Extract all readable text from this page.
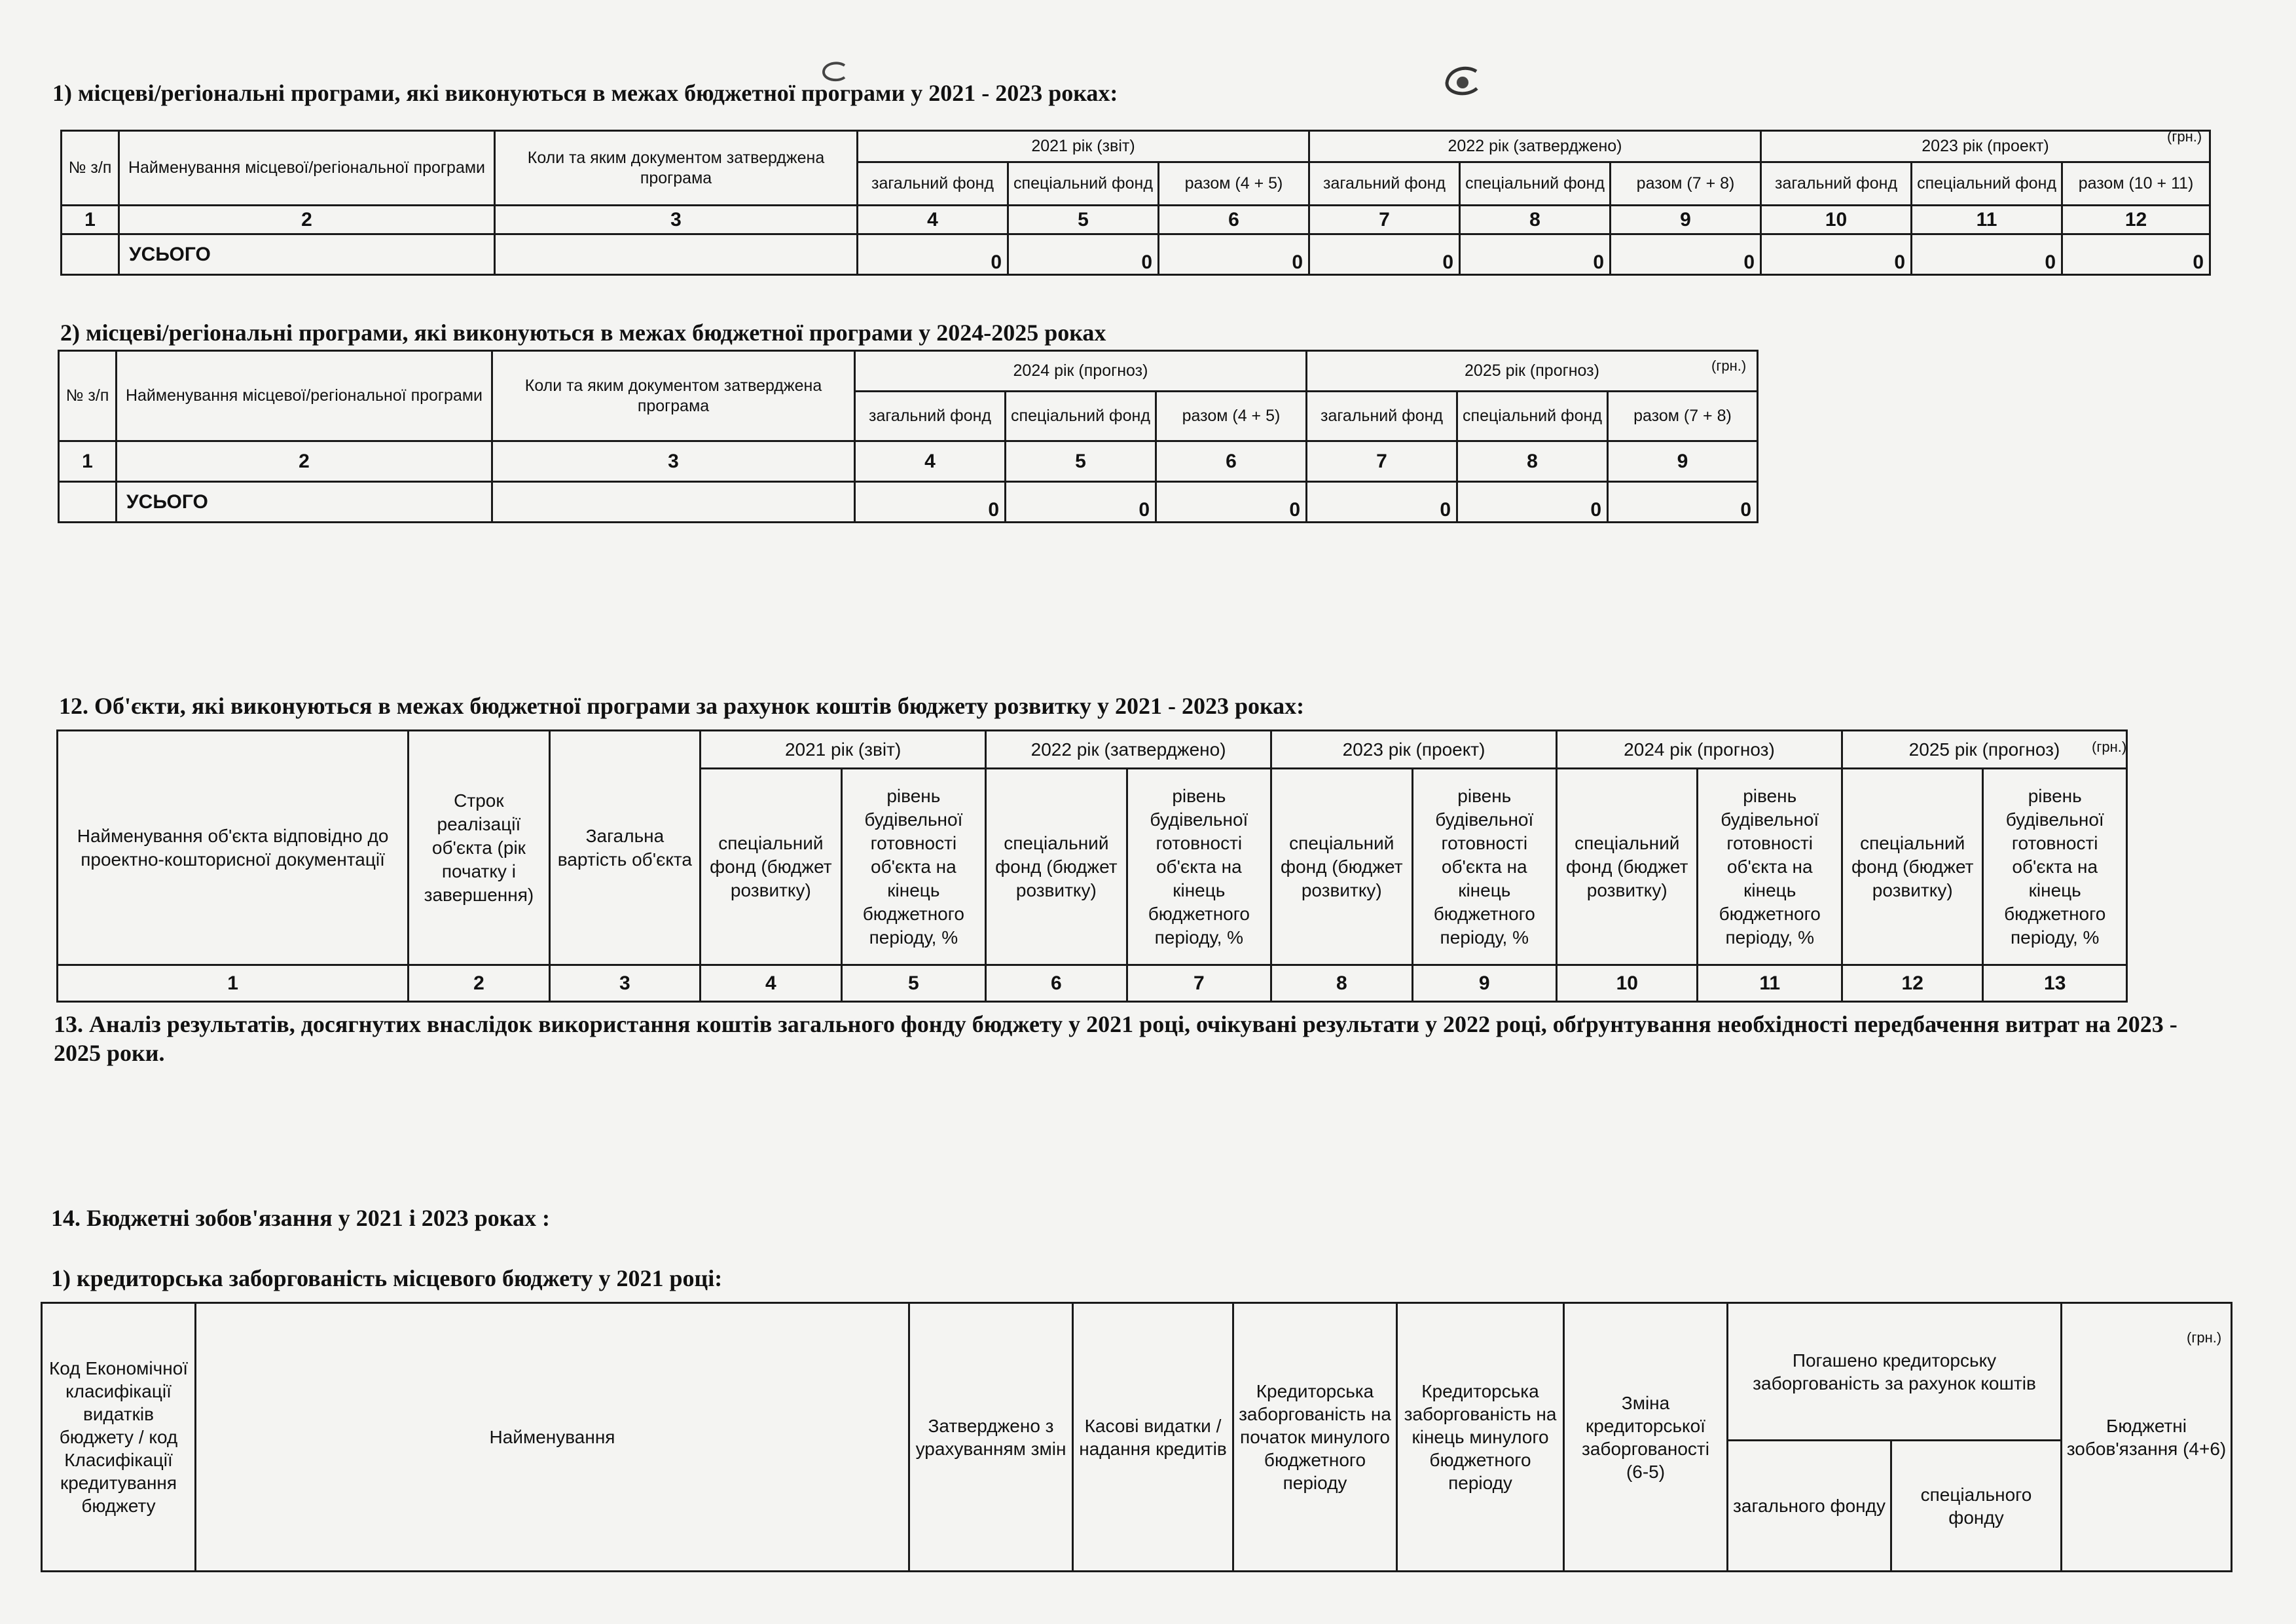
1) місцеві/регіональні програми, які виконуються в межах бюджетної програми у 2021 - 2023 роках:
(грн.)
№ з/п	Найменування місцевої/регіональної програми	Коли та яким документом затверджена програма	2021 рік (звіт)			2022 рік (затверджено)			2023 рік (проект)		
			загальний фонд	спеціальний фонд	разом (4 + 5)	загальний фонд	спеціальний фонд	разом (7 + 8)	загальний фонд	спеціальний фонд	разом (10 + 11)
1	2	3	4	5	6	7	8	9	10	11	12
	УСЬОГО		0	0	0	0	0	0	0	0	0
2) місцеві/регіональні програми, які виконуються в межах бюджетної програми у 2024-2025 роках
(грн.)
№ з/п	Найменування місцевої/регіональної програми	Коли та яким документом затверджена програма	2024 рік (прогноз)			2025 рік (прогноз)		
			загальний фонд	спеціальний фонд	разом (4 + 5)	загальний фонд	спеціальний фонд	разом (7 + 8)
1	2	3	4	5	6	7	8	9
	УСЬОГО		0	0	0	0	0	0
12. Об'єкти, які виконуються в межах бюджетної програми за рахунок коштів бюджету розвитку у 2021 - 2023 роках:
(грн.)
Найменування об'єкта відповідно до проектно-кошторисної документації	Строк реалізації об'єкта (рік початку і завершення)	Загальна вартість об'єкта	2021 рік (звіт)		2022 рік (затверджено)		2023 рік (проект)		2024 рік (прогноз)		2025 рік (прогноз)	
			спеціальний фонд (бюджет розвитку)	рівень будівельної готовності об'єкта на кінець бюджетного періоду, %	спеціальний фонд (бюджет розвитку)	рівень будівельної готовності об'єкта на кінець бюджетного періоду, %	спеціальний фонд (бюджет розвитку)	рівень будівельної готовності об'єкта на кінець бюджетного періоду, %	спеціальний фонд (бюджет розвитку)	рівень будівельної готовності об'єкта на кінець бюджетного періоду, %	спеціальний фонд (бюджет розвитку)	рівень будівельної готовності об'єкта на кінець бюджетного періоду, %
1	2	3	4	5	6	7	8	9	10	11	12	13
13. Аналіз результатів, досягнутих внаслідок використання коштів загального фонду бюджету у 2021 році, очікувані результати у 2022 році, обґрунтування необхідності передбачення витрат на 2023 - 2025 роки.
14. Бюджетні зобов'язання у 2021 і 2023 роках :
1) кредиторська заборгованість місцевого бюджету у 2021 році:
(грн.)
Код Економічної класифікації видатків бюджету / код Класифікації кредитування бюджету	Найменування	Затверджено з урахуванням змін	Касові видатки / надання кредитів	Кредиторська заборгованість на початок минулого бюджетного періоду	Кредиторська заборгованість на кінець минулого бюджетного періоду	Зміна кредиторської заборгованості (6-5)	Погашено кредиторську заборгованість за рахунок коштів		Бюджетні зобов'язання (4+6)
							загального фонду	спеціального фонду	
